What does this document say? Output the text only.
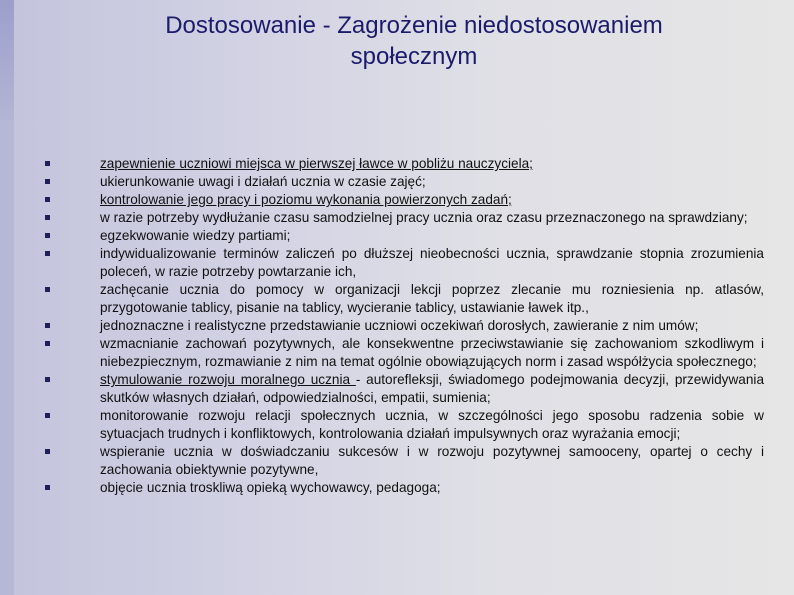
Dostosowanie - Zagrożenie niedostosowaniem
społecznym
zapewnienie uczniowi miejsca w pierwszej ławce w pobliżu nauczyciela;
ukierunkowanie uwagi i działań ucznia w czasie zajęć;
kontrolowanie jego pracy i poziomu wykonania powierzonych zadań;
w razie potrzeby wydłużanie czasu samodzielnej pracy ucznia oraz czasu przeznaczonego na sprawdziany;
egzekwowanie wiedzy partiami;
indywidualizowanie terminów zaliczeń po dłuższej nieobecności ucznia, sprawdzanie stopnia zrozumienia poleceń, w razie potrzeby powtarzanie ich,
zachęcanie ucznia do pomocy w organizacji lekcji poprzez zlecanie mu rozniesienia np. atlasów, przygotowanie tablicy, pisanie na tablicy, wycieranie tablicy, ustawianie ławek itp.,
jednoznaczne i realistyczne przedstawianie uczniowi oczekiwań dorosłych, zawieranie z nim umów;
wzmacnianie zachowań pozytywnych, ale konsekwentne przeciwstawianie się zachowaniom szkodliwym i niebezpiecznym, rozmawianie z nim na temat ogólnie obowiązujących norm i zasad współżycia społecznego;
stymulowanie rozwoju moralnego ucznia - autorefleksji, świadomego podejmowania decyzji, przewidywania skutków własnych działań, odpowiedzialności, empatii, sumienia;
monitorowanie rozwoju relacji społecznych ucznia, w szczególności jego sposobu radzenia sobie w sytuacjach trudnych i konfliktowych, kontrolowania działań impulsywnych oraz wyrażania emocji;
wspieranie ucznia w doświadczaniu sukcesów i w rozwoju pozytywnej samooceny, opartej o cechy i zachowania obiektywnie pozytywne,
objęcie ucznia troskliwą opieką wychowawcy, pedagoga;
